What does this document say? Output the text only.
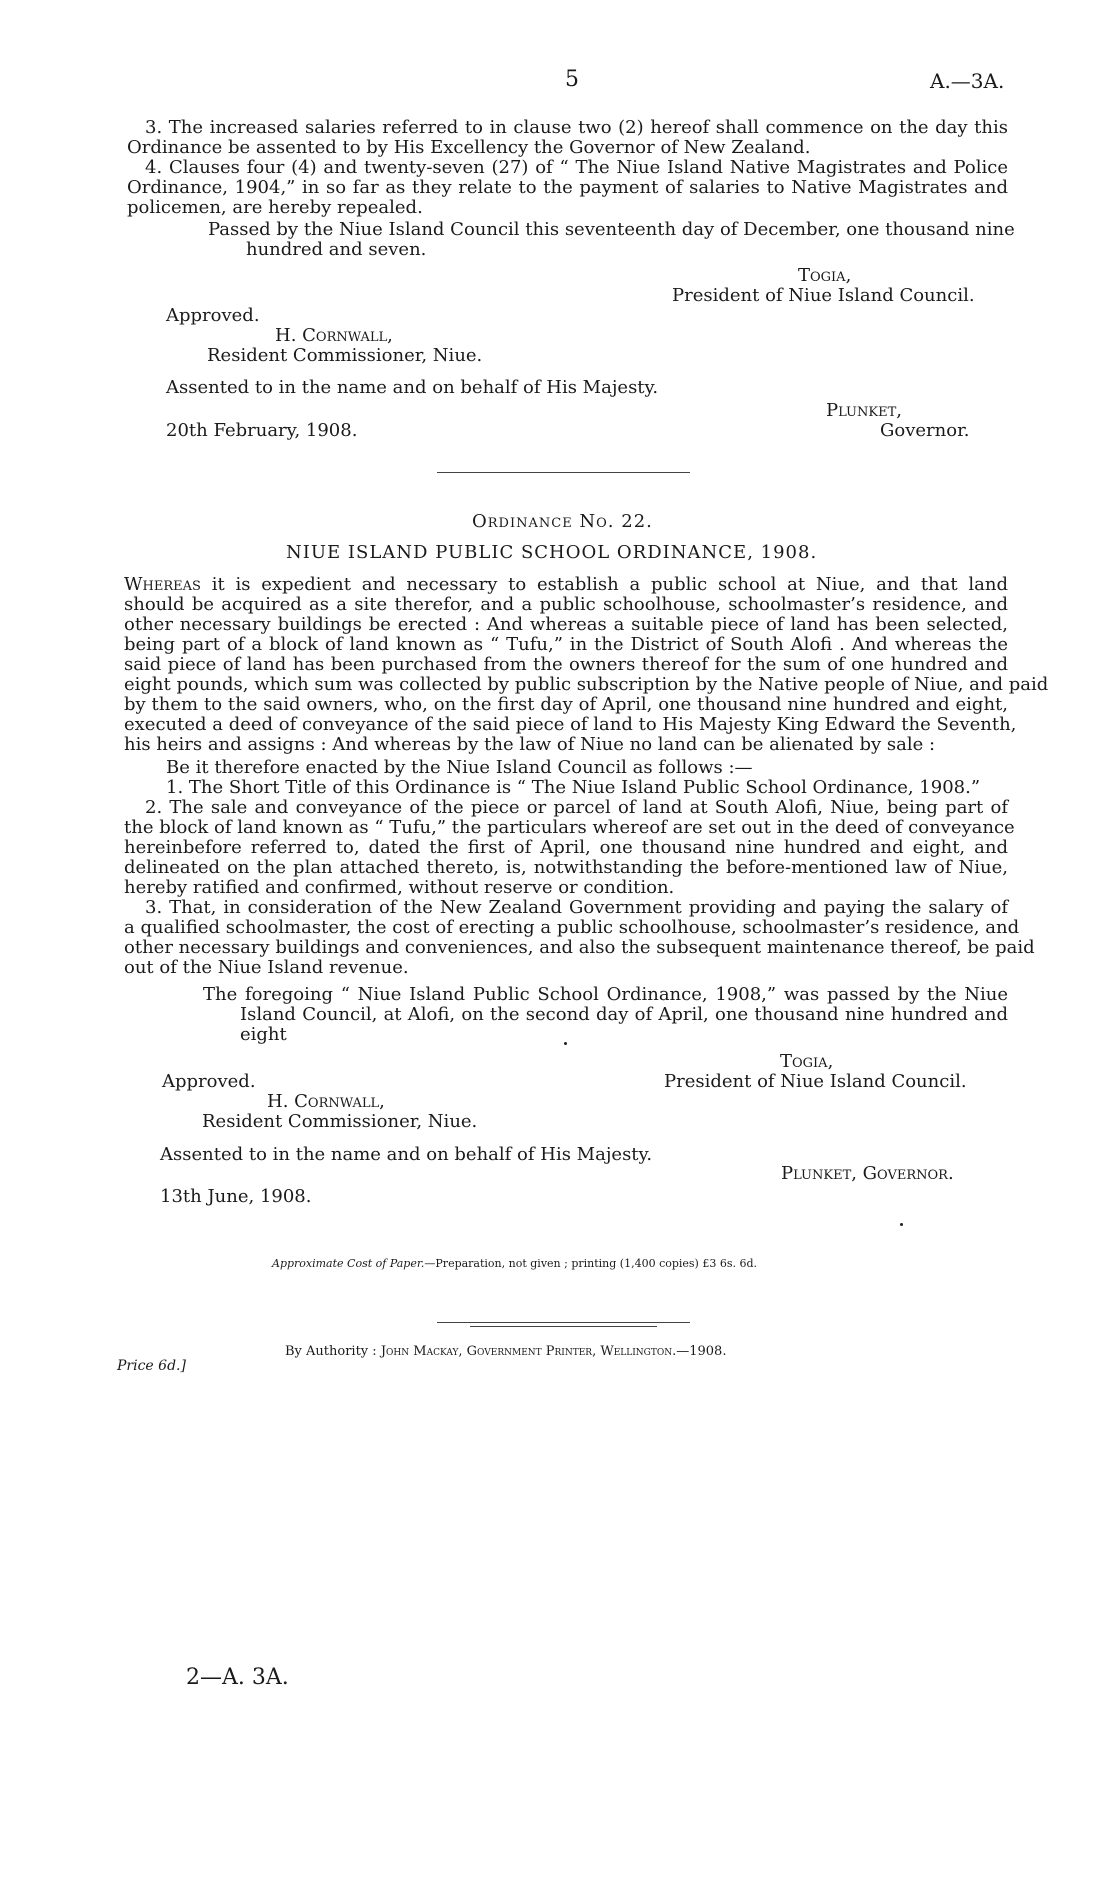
5	A.—3A.
3. The increased salaries referred to in clause two (2) hereof shall commence on the day this
Ordinance be assented to by His Excellency the Governor of New Zealand.
4. Clauses four (4) and twenty-seven (27) of “ The Niue Island Native Magistrates and Police
Ordinance, 1904,” in so far as they relate to the payment of salaries to Native Magistrates and
policemen, are hereby repealed.
Passed by the Niue Island Council this seventeenth day of December, one thousand nine
hundred and seven.
Togia,
President of Niue Island Council.
Approved.
H. Cornwall,
Resident Commissioner, Niue.
Assented to in the name and on behalf of His Majesty.
Plunket,
20th February, 1908.	Governor.
Ordinance No. 22.
NIUE ISLAND PUBLIC SCHOOL ORDINANCE, 1908.
Whereas it is expedient and necessary to establish a public school at Niue, and that land
should be acquired as a site therefor, and a public schoolhouse, schoolmaster’s residence, and
other necessary buildings be erected : And whereas a suitable piece of land has been selected,
being part of a block of land known as “ Tufu,” in the District of South Alofi . And whereas the
said piece of land has been purchased from the owners thereof for the sum of one hundred and
eight pounds, which sum was collected by public subscription by the Native people of Niue, and paid
by them to the said owners, who, on the first day of April, one thousand nine hundred and eight,
executed a deed of conveyance of the said piece of land to His Majesty King Edward the Seventh,
his heirs and assigns : And whereas by the law of Niue no land can be alienated by sale :
Be it therefore enacted by the Niue Island Council as follows :—
1. The Short Title of this Ordinance is “ The Niue Island Public School Ordinance, 1908.”
2. The sale and conveyance of the piece or parcel of land at South Alofi, Niue, being part of
the block of land known as “ Tufu,” the particulars whereof are set out in the deed of conveyance
hereinbefore referred to, dated the first of April, one thousand nine hundred and eight, and
delineated on the plan attached thereto, is, notwithstanding the before-mentioned law of Niue,
hereby ratified and confirmed, without reserve or condition.
3. That, in consideration of the New Zealand Government providing and paying the salary of
a qualified schoolmaster, the cost of erecting a public schoolhouse, schoolmaster’s residence, and
other necessary buildings and conveniences, and also the subsequent maintenance thereof, be paid
out of the Niue Island revenue.
The foregoing “ Niue Island Public School Ordinance, 1908,” was passed by the Niue
Island Council, at Alofi, on the second day of April, one thousand nine hundred and
eight
Togia,
Approved.	President of Niue Island Council.
H. Cornwall,
Resident Commissioner, Niue.
Assented to in the name and on behalf of His Majesty.
Plunket, Governor.
13th June, 1908.
Approximate Cost of Paper.—Preparation, not given ; printing (1,400 copies) £3 6s. 6d.
By Authority : John Mackay, Government Printer, Wellington.—1908.
Price 6d.]
2—A. 3A.
